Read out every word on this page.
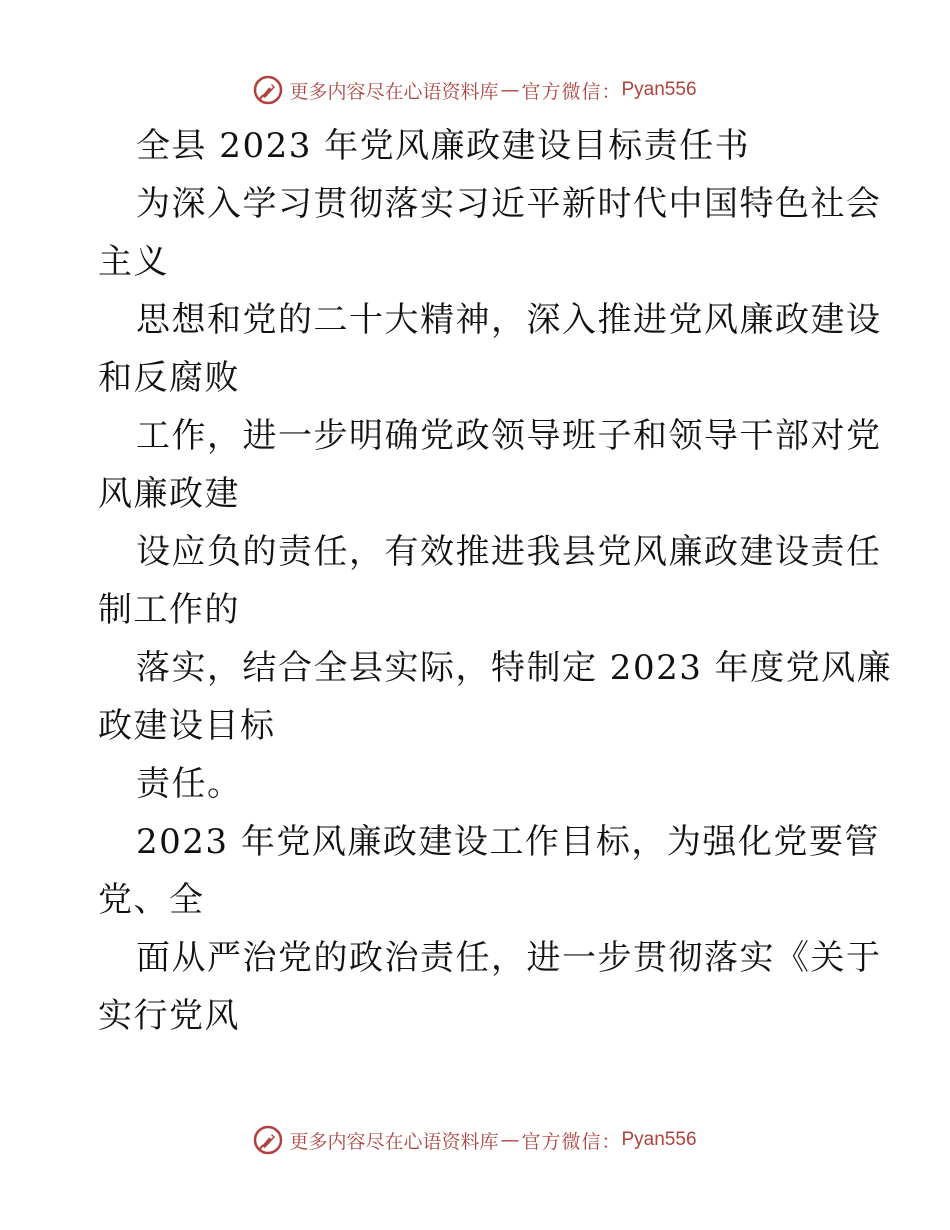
更多内容尽在心语资料库 — 官方微信： Pyan556
全县 2023 年党风廉政建设目标责任书
为深入学习贯彻落实习近平新时代中国特色社会
主义
思想和党的二十大精神，深入推进党风廉政建设
和反腐败
工作，进一步明确党政领导班子和领导干部对党
风廉政建
设应负的责任，有效推进我县党风廉政建设责任
制工作的
落实，结合全县实际，特制定 2023 年度党风廉
政建设目标
责任。
2023 年党风廉政建设工作目标，为强化党要管
党、全
面从严治党的政治责任，进一步贯彻落实《关于
实行党风
更多内容尽在心语资料库 — 官方微信： Pyan556
